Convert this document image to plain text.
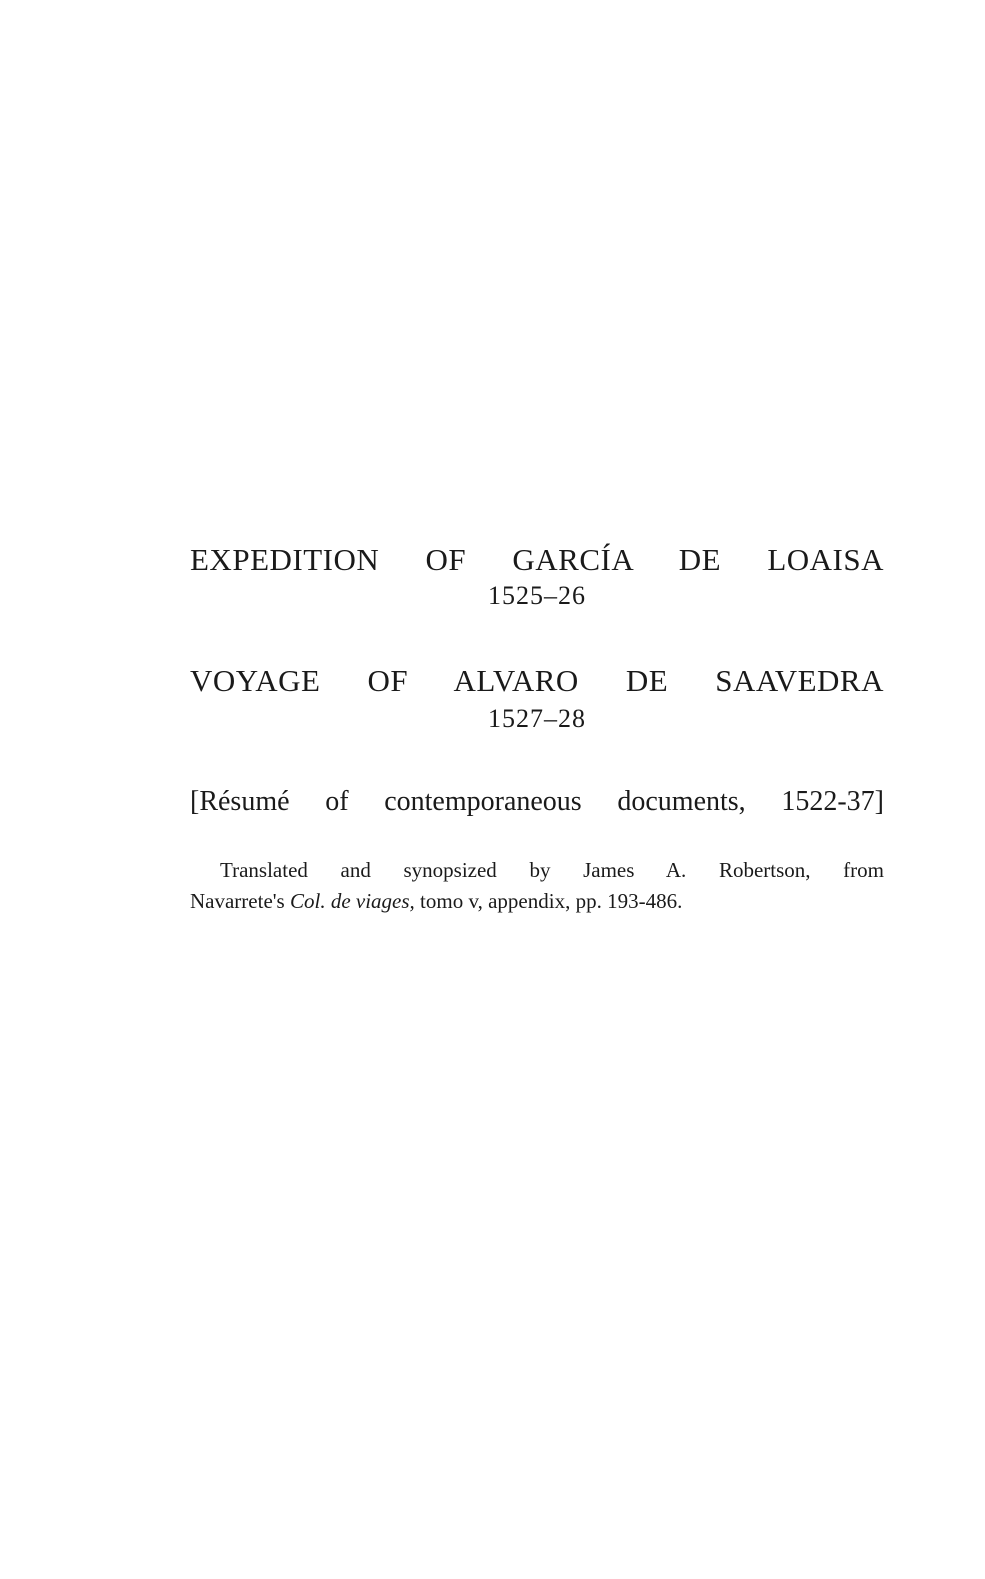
EXPEDITION OF GARCÍA DE LOAISA
1525–26
VOYAGE OF ALVARO DE SAAVEDRA
1527–28
[Résumé of contemporaneous documents, 1522-37]
Translated and synopsized by James A. Robertson, from
Navarrete's Col. de viages, tomo v, appendix, pp. 193-486.
